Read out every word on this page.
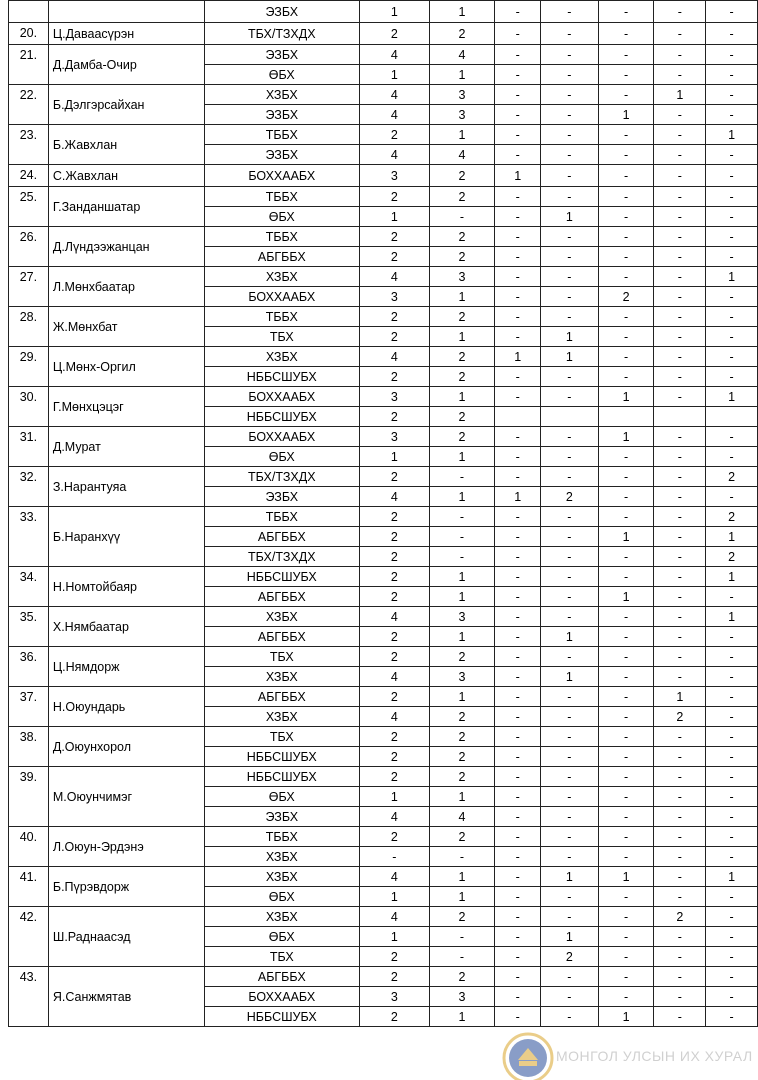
		ЭЗБХ	1	1	-	-	-	-	-
20.	Ц.Даваасүрэн	ТБХ/ТЗХДХ	2	2	-	-	-	-	-
21.	Д.Дамба-Очир	ЭЗБХ	4	4	-	-	-	-	-
		ӨБХ	1	1	-	-	-	-	-
22.	Б.Дэлгэрсайхан	ХЗБХ	4	3	-	-	-	1	-
		ЭЗБХ	4	3	-	-	1	-	-
23.	Б.Жавхлан	ТББХ	2	1	-	-	-	-	1
		ЭЗБХ	4	4	-	-	-	-	-
24.	С.Жавхлан	БОХХААБХ	3	2	1	-	-	-	-
25.	Г.Занданшатар	ТББХ	2	2	-	-	-	-	-
		ӨБХ	1	-	-	1	-	-	-
26.	Д.Лүндээжанцан	ТББХ	2	2	-	-	-	-	-
		АБГББХ	2	2	-	-	-	-	-
27.	Л.Мөнхбаатар	ХЗБХ	4	3	-	-	-	-	1
		БОХХААБХ	3	1	-	-	2	-	-
28.	Ж.Мөнхбат	ТББХ	2	2	-	-	-	-	-
		ТБХ	2	1	-	1	-	-	-
29.	Ц.Мөнх-Оргил	ХЗБХ	4	2	1	1	-	-	-
		НББСШУБХ	2	2	-	-	-	-	-
30.	Г.Мөнхцэцэг	БОХХААБХ	3	1	-	-	1	-	1
		НББСШУБХ	2	2					
31.	Д.Мурат	БОХХААБХ	3	2	-	-	1	-	-
		ӨБХ	1	1	-	-	-	-	-
32.	З.Нарантуяа	ТБХ/ТЗХДХ	2	-	-	-	-	-	2
		ЭЗБХ	4	1	1	2	-	-	-
33.	Б.Наранхүү	ТББХ	2	-	-	-	-	-	2
		АБГББХ	2	-	-	-	1	-	1
		ТБХ/ТЗХДХ	2	-	-	-	-	-	2
34.	Н.Номтойбаяр	НББСШУБХ	2	1	-	-	-	-	1
		АБГББХ	2	1	-	-	1	-	-
35.	Х.Нямбаатар	ХЗБХ	4	3	-	-	-	-	1
		АБГББХ	2	1	-	1	-	-	-
36.	Ц.Нямдорж	ТБХ	2	2	-	-	-	-	-
		ХЗБХ	4	3	-	1	-	-	-
37.	Н.Оюундарь	АБГББХ	2	1	-	-	-	1	-
		ХЗБХ	4	2	-	-	-	2	-
38.	Д.Оюунхорол	ТБХ	2	2	-	-	-	-	-
		НББСШУБХ	2	2	-	-	-	-	-
39.	М.Оюунчимэг	НББСШУБХ	2	2	-	-	-	-	-
		ӨБХ	1	1	-	-	-	-	-
		ЭЗБХ	4	4	-	-	-	-	-
40.	Л.Оюун-Эрдэнэ	ТББХ	2	2	-	-	-	-	-
		ХЗБХ	-	-	-	-	-	-	-
41.	Б.Пүрэвдорж	ХЗБХ	4	1	-	1	1	-	1
		ӨБХ	1	1	-	-	-	-	-
42.	Ш.Раднаасэд	ХЗБХ	4	2	-	-	-	2	-
		ӨБХ	1	-	-	1	-	-	-
		ТБХ	2	-	-	2	-	-	-
43.	Я.Санжмятав	АБГББХ	2	2	-	-	-	-	-
		БОХХААБХ	3	3	-	-	-	-	-
		НББСШУБХ	2	1	-	-	1	-	-
МОНГОЛ УЛСЫН ИХ ХУРАЛ
